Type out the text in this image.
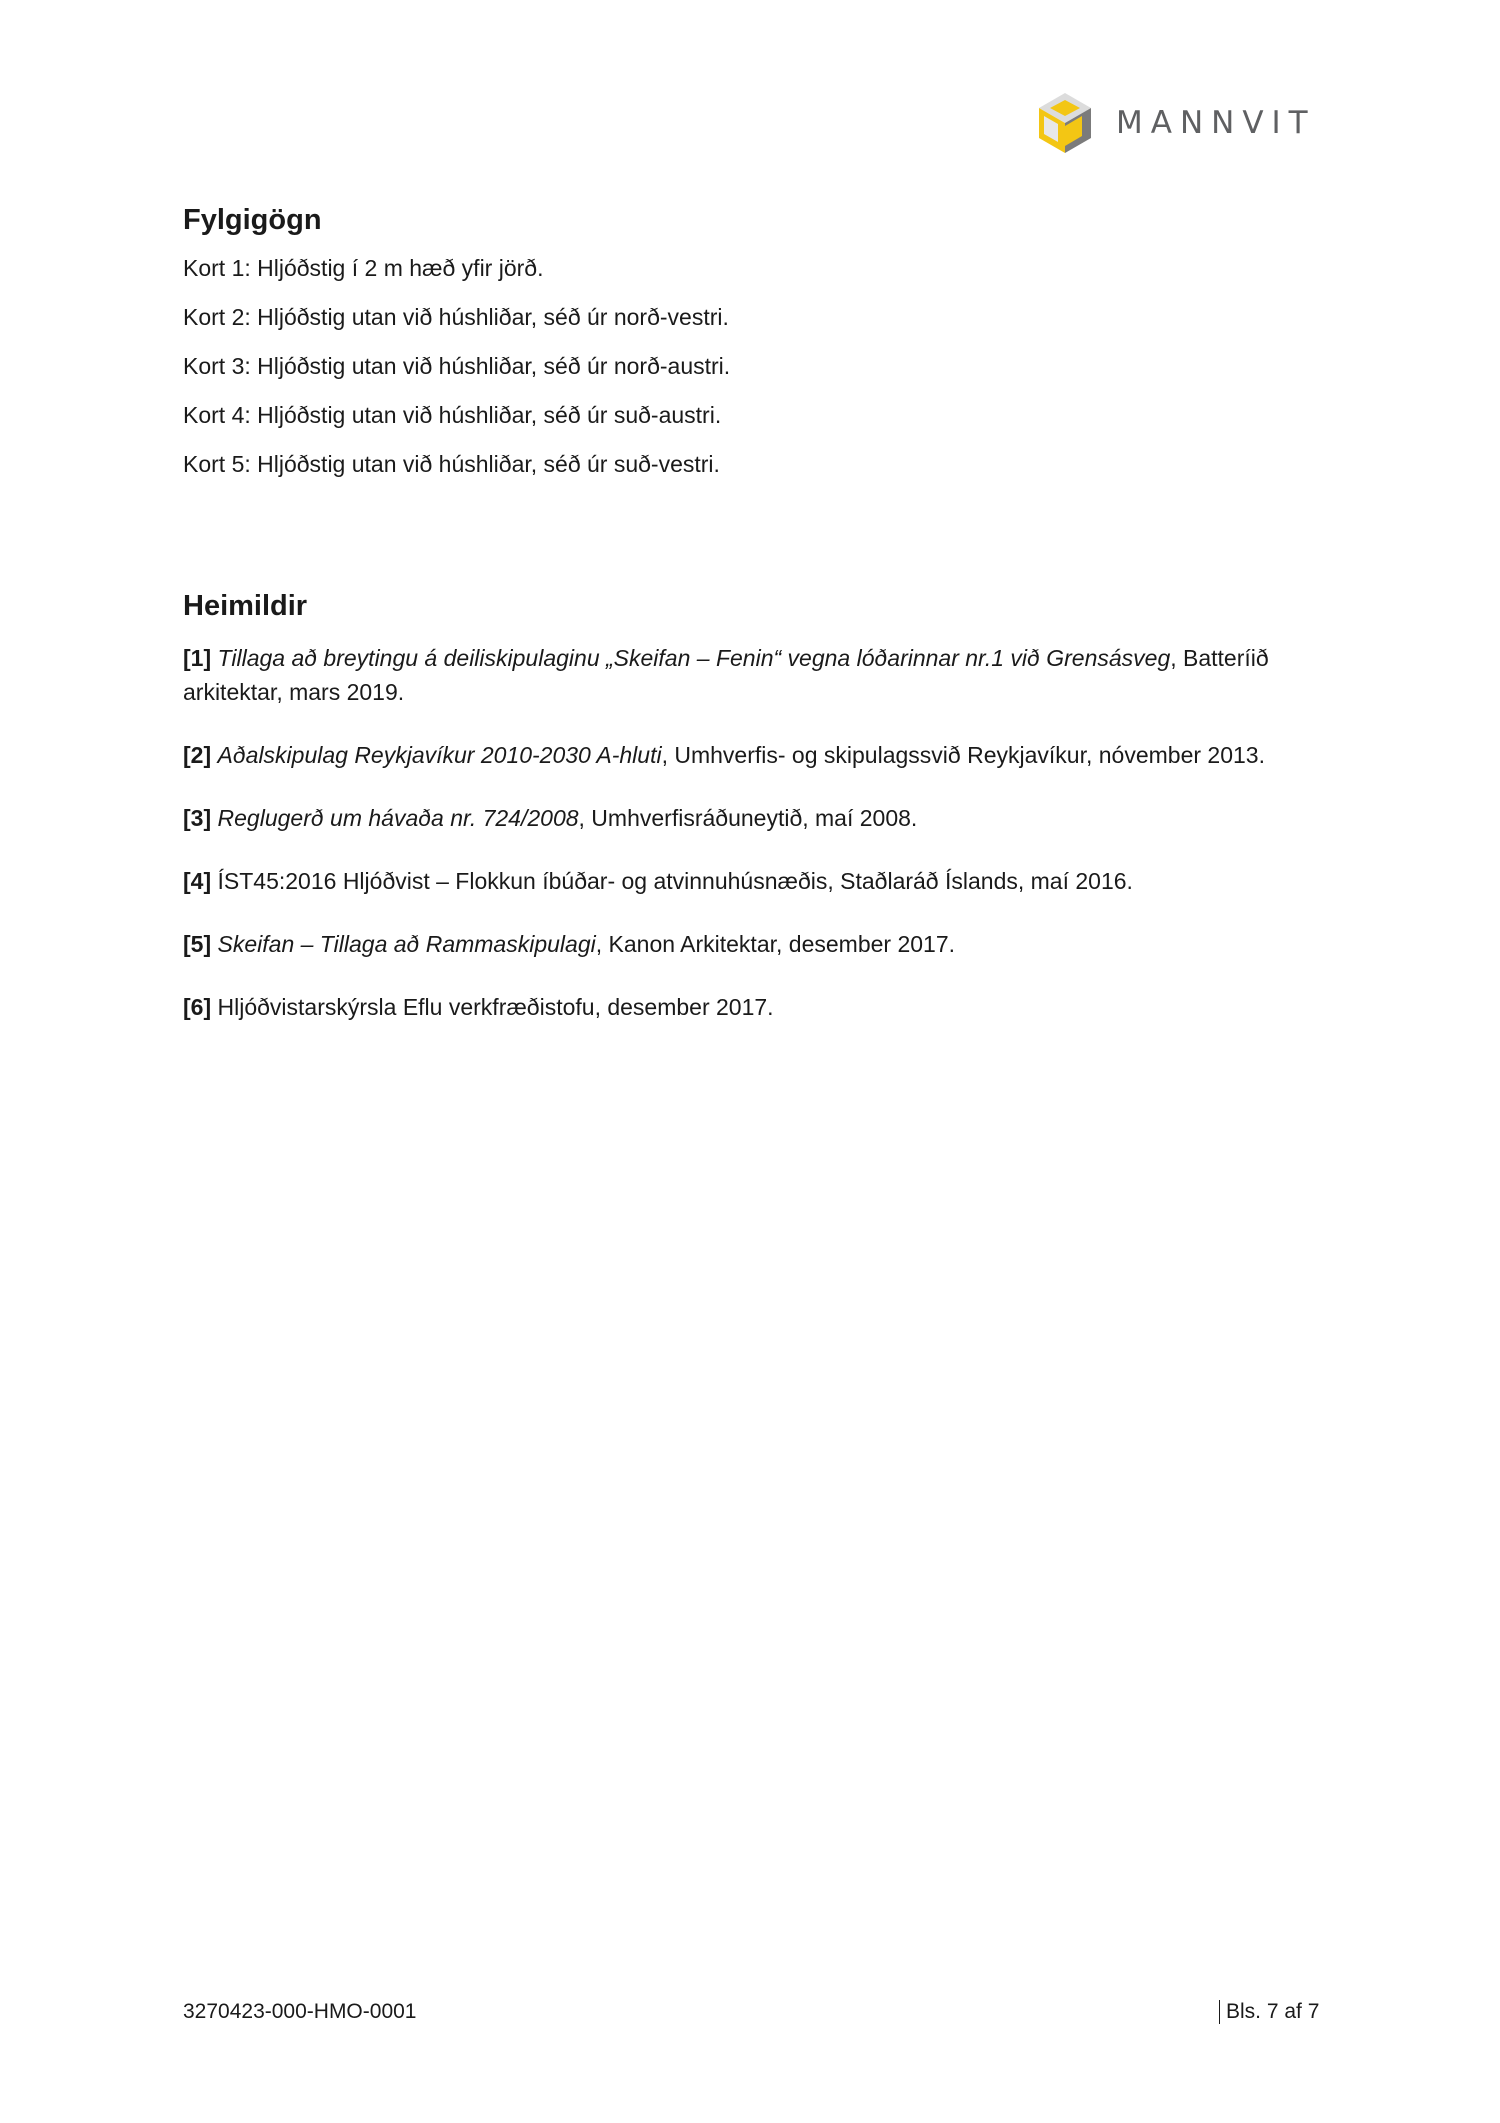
MANNVIT
Fylgigögn
Kort 1: Hljóðstig í 2 m hæð yfir jörð.
Kort 2: Hljóðstig utan við húshliðar, séð úr norð-vestri.
Kort 3: Hljóðstig utan við húshliðar, séð úr norð-austri.
Kort 4: Hljóðstig utan við húshliðar, séð úr suð-austri.
Kort 5: Hljóðstig utan við húshliðar, séð úr suð-vestri.
Heimildir
[1] Tillaga að breytingu á deiliskipulaginu „Skeifan – Fenin“ vegna lóðarinnar nr.1 við Grensásveg, Batteríið arkitektar, mars 2019.
[2] Aðalskipulag Reykjavíkur 2010-2030 A-hluti, Umhverfis- og skipulagssvið Reykjavíkur, nóvember 2013.
[3] Reglugerð um hávaða nr. 724/2008, Umhverfisráðuneytið, maí 2008.
[4] ÍST45:2016 Hljóðvist – Flokkun íbúðar- og atvinnuhúsnæðis, Staðlaráð Íslands, maí 2016.
[5] Skeifan – Tillaga að Rammaskipulagi, Kanon Arkitektar, desember 2017.
[6] Hljóðvistarskýrsla Eflu verkfræðistofu, desember 2017.
3270423-000-HMO-0001	Bls. 7 af 7
